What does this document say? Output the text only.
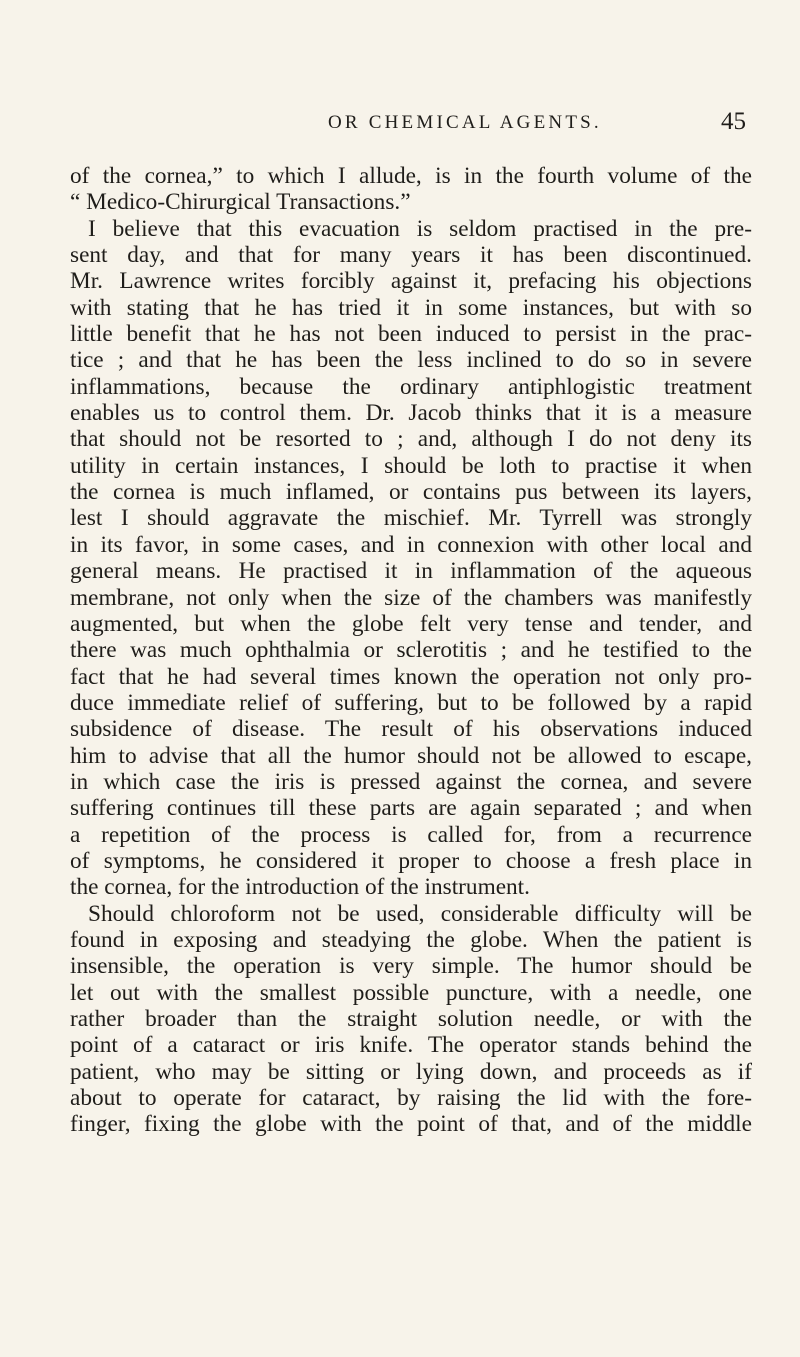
OR CHEMICAL AGENTS.	45
of the cornea,” to which I allude, is in the fourth volume of the
“ Medico-Chirurgical Transactions.”
I believe that this evacuation is seldom practised in the pre-
sent day, and that for many years it has been discontinued.
Mr. Lawrence writes forcibly against it, prefacing his objections
with stating that he has tried it in some instances, but with so
little benefit that he has not been induced to persist in the prac-
tice ; and that he has been the less inclined to do so in severe
inflammations, because the ordinary antiphlogistic treatment
enables us to control them. Dr. Jacob thinks that it is a measure
that should not be resorted to ; and, although I do not deny its
utility in certain instances, I should be loth to practise it when
the cornea is much inflamed, or contains pus between its layers,
lest I should aggravate the mischief. Mr. Tyrrell was strongly
in its favor, in some cases, and in connexion with other local and
general means. He practised it in inflammation of the aqueous
membrane, not only when the size of the chambers was manifestly
augmented, but when the globe felt very tense and tender, and
there was much ophthalmia or sclerotitis ; and he testified to the
fact that he had several times known the operation not only pro-
duce immediate relief of suffering, but to be followed by a rapid
subsidence of disease. The result of his observations induced
him to advise that all the humor should not be allowed to escape,
in which case the iris is pressed against the cornea, and severe
suffering continues till these parts are again separated ; and when
a repetition of the process is called for, from a recurrence
of symptoms, he considered it proper to choose a fresh place in
the cornea, for the introduction of the instrument.
Should chloroform not be used, considerable difficulty will be
found in exposing and steadying the globe. When the patient is
insensible, the operation is very simple. The humor should be
let out with the smallest possible puncture, with a needle, one
rather broader than the straight solution needle, or with the
point of a cataract or iris knife. The operator stands behind the
patient, who may be sitting or lying down, and proceeds as if
about to operate for cataract, by raising the lid with the fore-
finger, fixing the globe with the point of that, and of the middle
